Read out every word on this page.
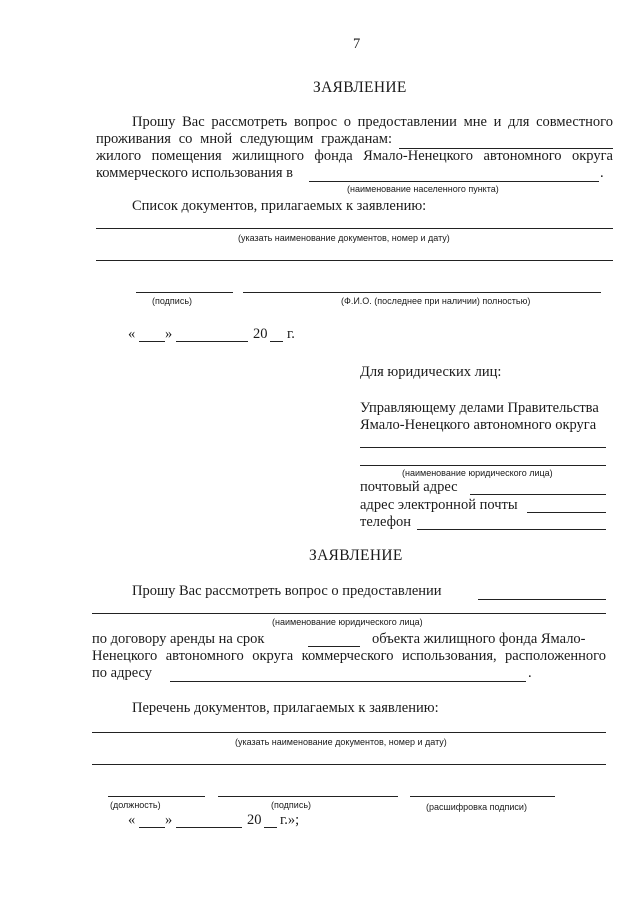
7
ЗАЯВЛЕНИЕ
Прошу Вас рассмотреть вопрос о предоставлении мне и для совместного
проживания со мной следующим гражданам:
жилого помещения жилищного фонда Ямало-Ненецкого автономного округа
коммерческого использования в	.
(наименование населенного пункта)
Список документов, прилагаемых к заявлению:
(указать наименование документов, номер и дату)
(подпись)	(Ф.И.О. (последнее при наличии) полностью)
« »	20 г.
Для юридических лиц:
Управляющему делами Правительства
Ямало-Ненецкого автономного округа
(наименование юридического лица)
почтовый адрес
адрес электронной почты
телефон
ЗАЯВЛЕНИЕ
Прошу Вас рассмотреть вопрос о предоставлении
(наименование юридического лица)
по договору аренды на срок	объекта жилищного фонда Ямало-
Ненецкого автономного округа коммерческого использования, расположенного
по адресу	.
Перечень документов, прилагаемых к заявлению:
(указать наименование документов, номер и дату)
(должность)	(подпись)	(расшифровка подписи)
« »	20 г.»;
